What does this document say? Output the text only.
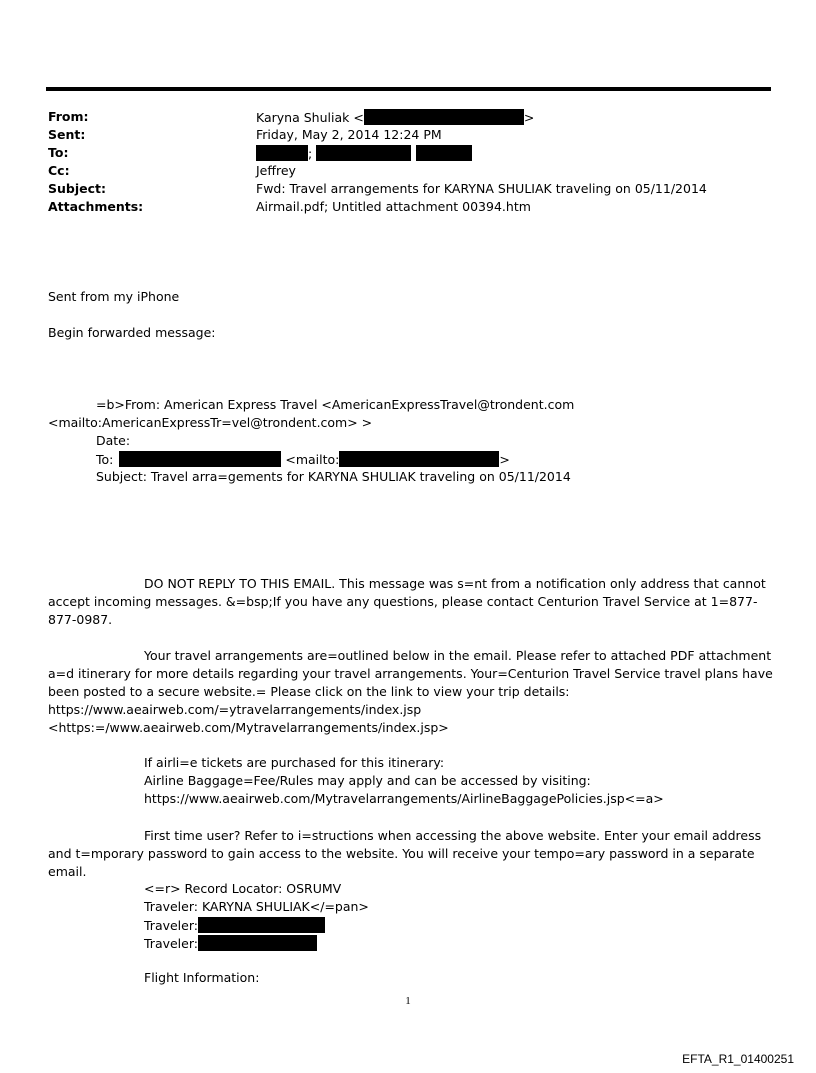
From:	Karyna Shuliak <	>
Sent:	Friday, May 2, 2014 12:24 PM
To:	;
Cc:	Jeffrey
Subject:	Fwd: Travel arrangements for KARYNA SHULIAK traveling on 05/11/2014
Attachments:	Airmail.pdf; Untitled attachment 00394.htm
Sent from my iPhone
Begin forwarded message:
=b>From: American Express Travel <AmericanExpressTravel@trondent.com
<mailto:AmericanExpressTr=vel@trondent.com> >
Date:
To:	<mailto:	>
Subject: Travel arra=gements for KARYNA SHULIAK traveling on 05/11/2014
DO NOT REPLY TO THIS EMAIL. This message was s=nt from a notification only address that cannot accept incoming messages. &=bsp;If you have any questions, please contact Centurion Travel Service at 1=877-877-0987.
Your travel arrangements are=outlined below in the email. Please refer to attached PDF attachment a=d itinerary for more details regarding your travel arrangements. Your=Centurion Travel Service travel plans have been posted to a secure website.= Please click on the link to view your trip details:
https://www.aeairweb.com/=ytravelarrangements/index.jsp
<https:=/www.aeairweb.com/Mytravelarrangements/index.jsp>
If airli=e tickets are purchased for this itinerary:
Airline Baggage=Fee/Rules may apply and can be accessed by visiting:
https://www.aeairweb.com/Mytravelarrangements/AirlineBaggagePolicies.jsp<=a>
First time user? Refer to i=structions when accessing the above website. Enter your email address and t=mporary password to gain access to the website. You will receive your tempo=ary password in a separate email.
<=r> Record Locator: OSRUMV
Traveler: KARYNA SHULIAK</=pan>
Traveler:
Traveler:
Flight Information:
1
EFTA_R1_01400251
